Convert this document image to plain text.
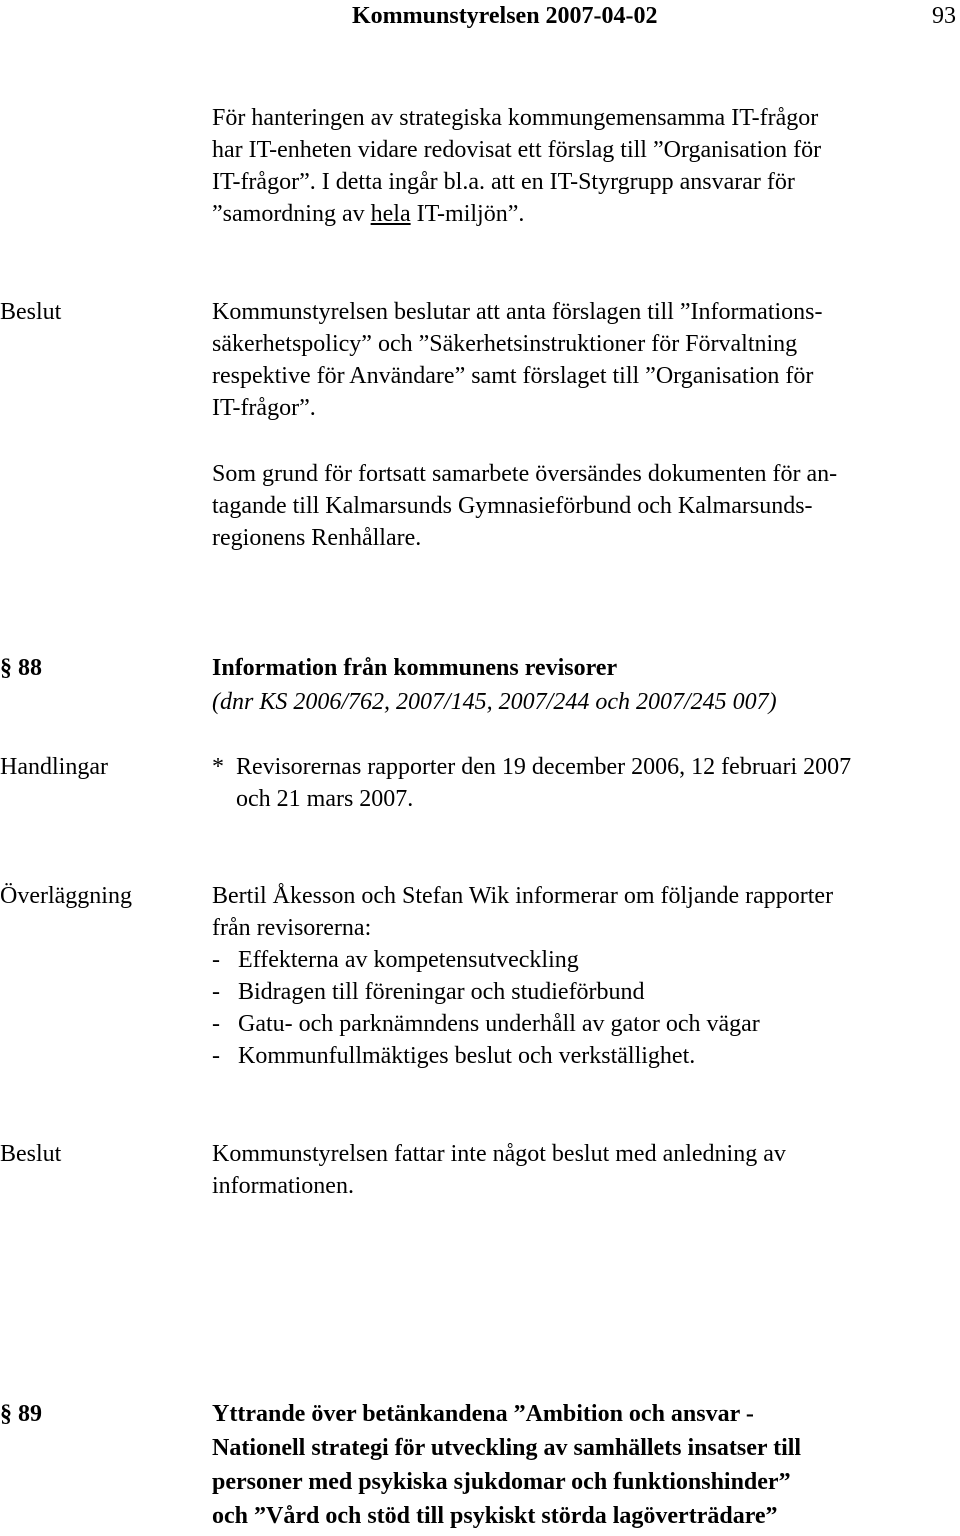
Kommunstyrelsen 2007-04-02	93
För hanteringen av strategiska kommungemensamma IT-frågor
har IT-enheten vidare redovisat ett förslag till ”Organisation för
IT-frågor”. I detta ingår bl.a. att en IT-Styrgrupp ansvarar för
”samordning av hela IT-miljön”.
Beslut	Kommunstyrelsen beslutar att anta förslagen till ”Informations-
säkerhetspolicy” och ”Säkerhetsinstruktioner för Förvaltning
respektive för Användare” samt förslaget till ”Organisation för
IT-frågor”.
Som grund för fortsatt samarbete översändes dokumenten för an-
tagande till Kalmarsunds Gymnasieförbund och Kalmarsunds-
regionens Renhållare.
§ 88	Information från kommunens revisorer
(dnr KS 2006/762, 2007/145, 2007/244 och 2007/245 007)
Handlingar	*  Revisorernas rapporter den 19 december 2006, 12 februari 2007
och 21 mars 2007.
Överläggning	Bertil Åkesson och Stefan Wik informerar om följande rapporter
från revisorerna:
-   Effekterna av kompetensutveckling
-   Bidragen till föreningar och studieförbund
-   Gatu- och parknämndens underhåll av gator och vägar
-   Kommunfullmäktiges beslut och verkställighet.
Beslut	Kommunstyrelsen fattar inte något beslut med anledning av
informationen.
§ 89	Yttrande över betänkandena ”Ambition och ansvar -
Nationell strategi för utveckling av samhällets insatser till
personer med psykiska sjukdomar och funktionshinder”
och ”Vård och stöd till psykiskt störda lagöverträdare”
